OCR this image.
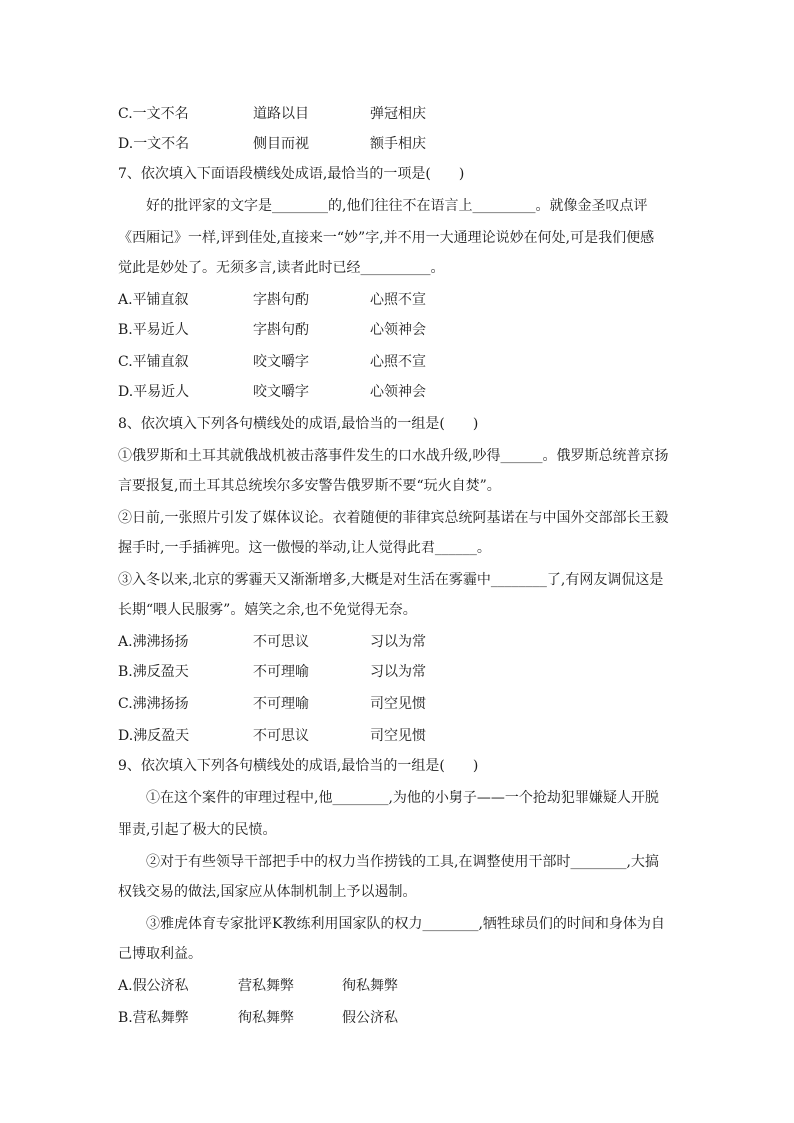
C.一文不名	道路以目	弹冠相庆
D.一文不名	侧目而视	额手相庆
7、依次填入下面语段横线处成语,最恰当的一项是(　　)
好的批评家的文字是________的,他们往往不在语言上_________。就像金圣叹点评
《西厢记》一样,评到佳处,直接来一“妙”字,并不用一大通理论说妙在何处,可是我们便感
觉此是妙处了。无须多言,读者此时已经__________。
A.平铺直叙	字斟句酌	心照不宣
B.平易近人	字斟句酌	心领神会
C.平铺直叙	咬文嚼字	心照不宣
D.平易近人	咬文嚼字	心领神会
8、依次填入下列各句横线处的成语,最恰当的一组是(　　)
①俄罗斯和土耳其就俄战机被击落事件发生的口水战升级,吵得______。俄罗斯总统普京扬
言要报复,而土耳其总统埃尔多安警告俄罗斯不要“玩火自焚”。
②日前,一张照片引发了媒体议论。衣着随便的菲律宾总统阿基诺在与中国外交部部长王毅
握手时,一手插裤兜。这一傲慢的举动,让人觉得此君______。
③入冬以来,北京的雾霾天又渐渐增多,大概是对生活在雾霾中________了,有网友调侃这是
长期“喂人民服雾”。嬉笑之余,也不免觉得无奈。
A.沸沸扬扬	不可思议	习以为常
B.沸反盈天	不可理喻	习以为常
C.沸沸扬扬	不可理喻	司空见惯
D.沸反盈天	不可思议	司空见惯
9、依次填入下列各句横线处的成语,最恰当的一组是(　　)
①在这个案件的审理过程中,他________,为他的小舅子——一个抢劫犯罪嫌疑人开脱
罪责,引起了极大的民愤。
②对于有些领导干部把手中的权力当作捞钱的工具,在调整使用干部时________,大搞
权钱交易的做法,国家应从体制机制上予以遏制。
③雅虎体育专家批评K教练利用国家队的权力________,牺牲球员们的时间和身体为自
己博取利益。
A.假公济私	营私舞弊	徇私舞弊
B.营私舞弊	徇私舞弊	假公济私
